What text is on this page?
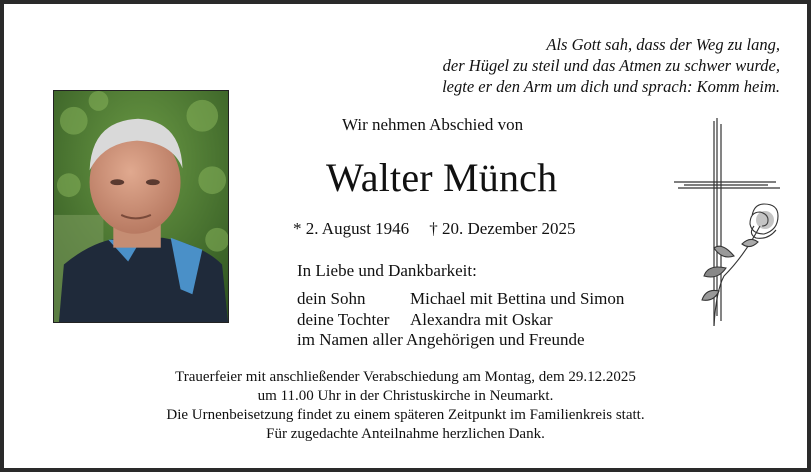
Als Gott sah, dass der Weg zu lang,
der Hügel zu steil und das Atmen zu schwer wurde,
legte er den Arm um dich und sprach: Komm heim.
Wir nehmen Abschied von
Walter Münch
* 2. August 1946 † 20. Dezember 2025
In Liebe und Dankbarkeit:
dein Sohn	Michael mit Bettina und Simon
deine Tochter Alexandra mit Oskar
im Namen aller Angehörigen und Freunde
Trauerfeier mit anschließender Verabschiedung am Montag, dem 29.12.2025
um 11.00 Uhr in der Christuskirche in Neumarkt.
Die Urnenbeisetzung findet zu einem späteren Zeitpunkt im Familienkreis statt.
Für zugedachte Anteilnahme herzlichen Dank.
